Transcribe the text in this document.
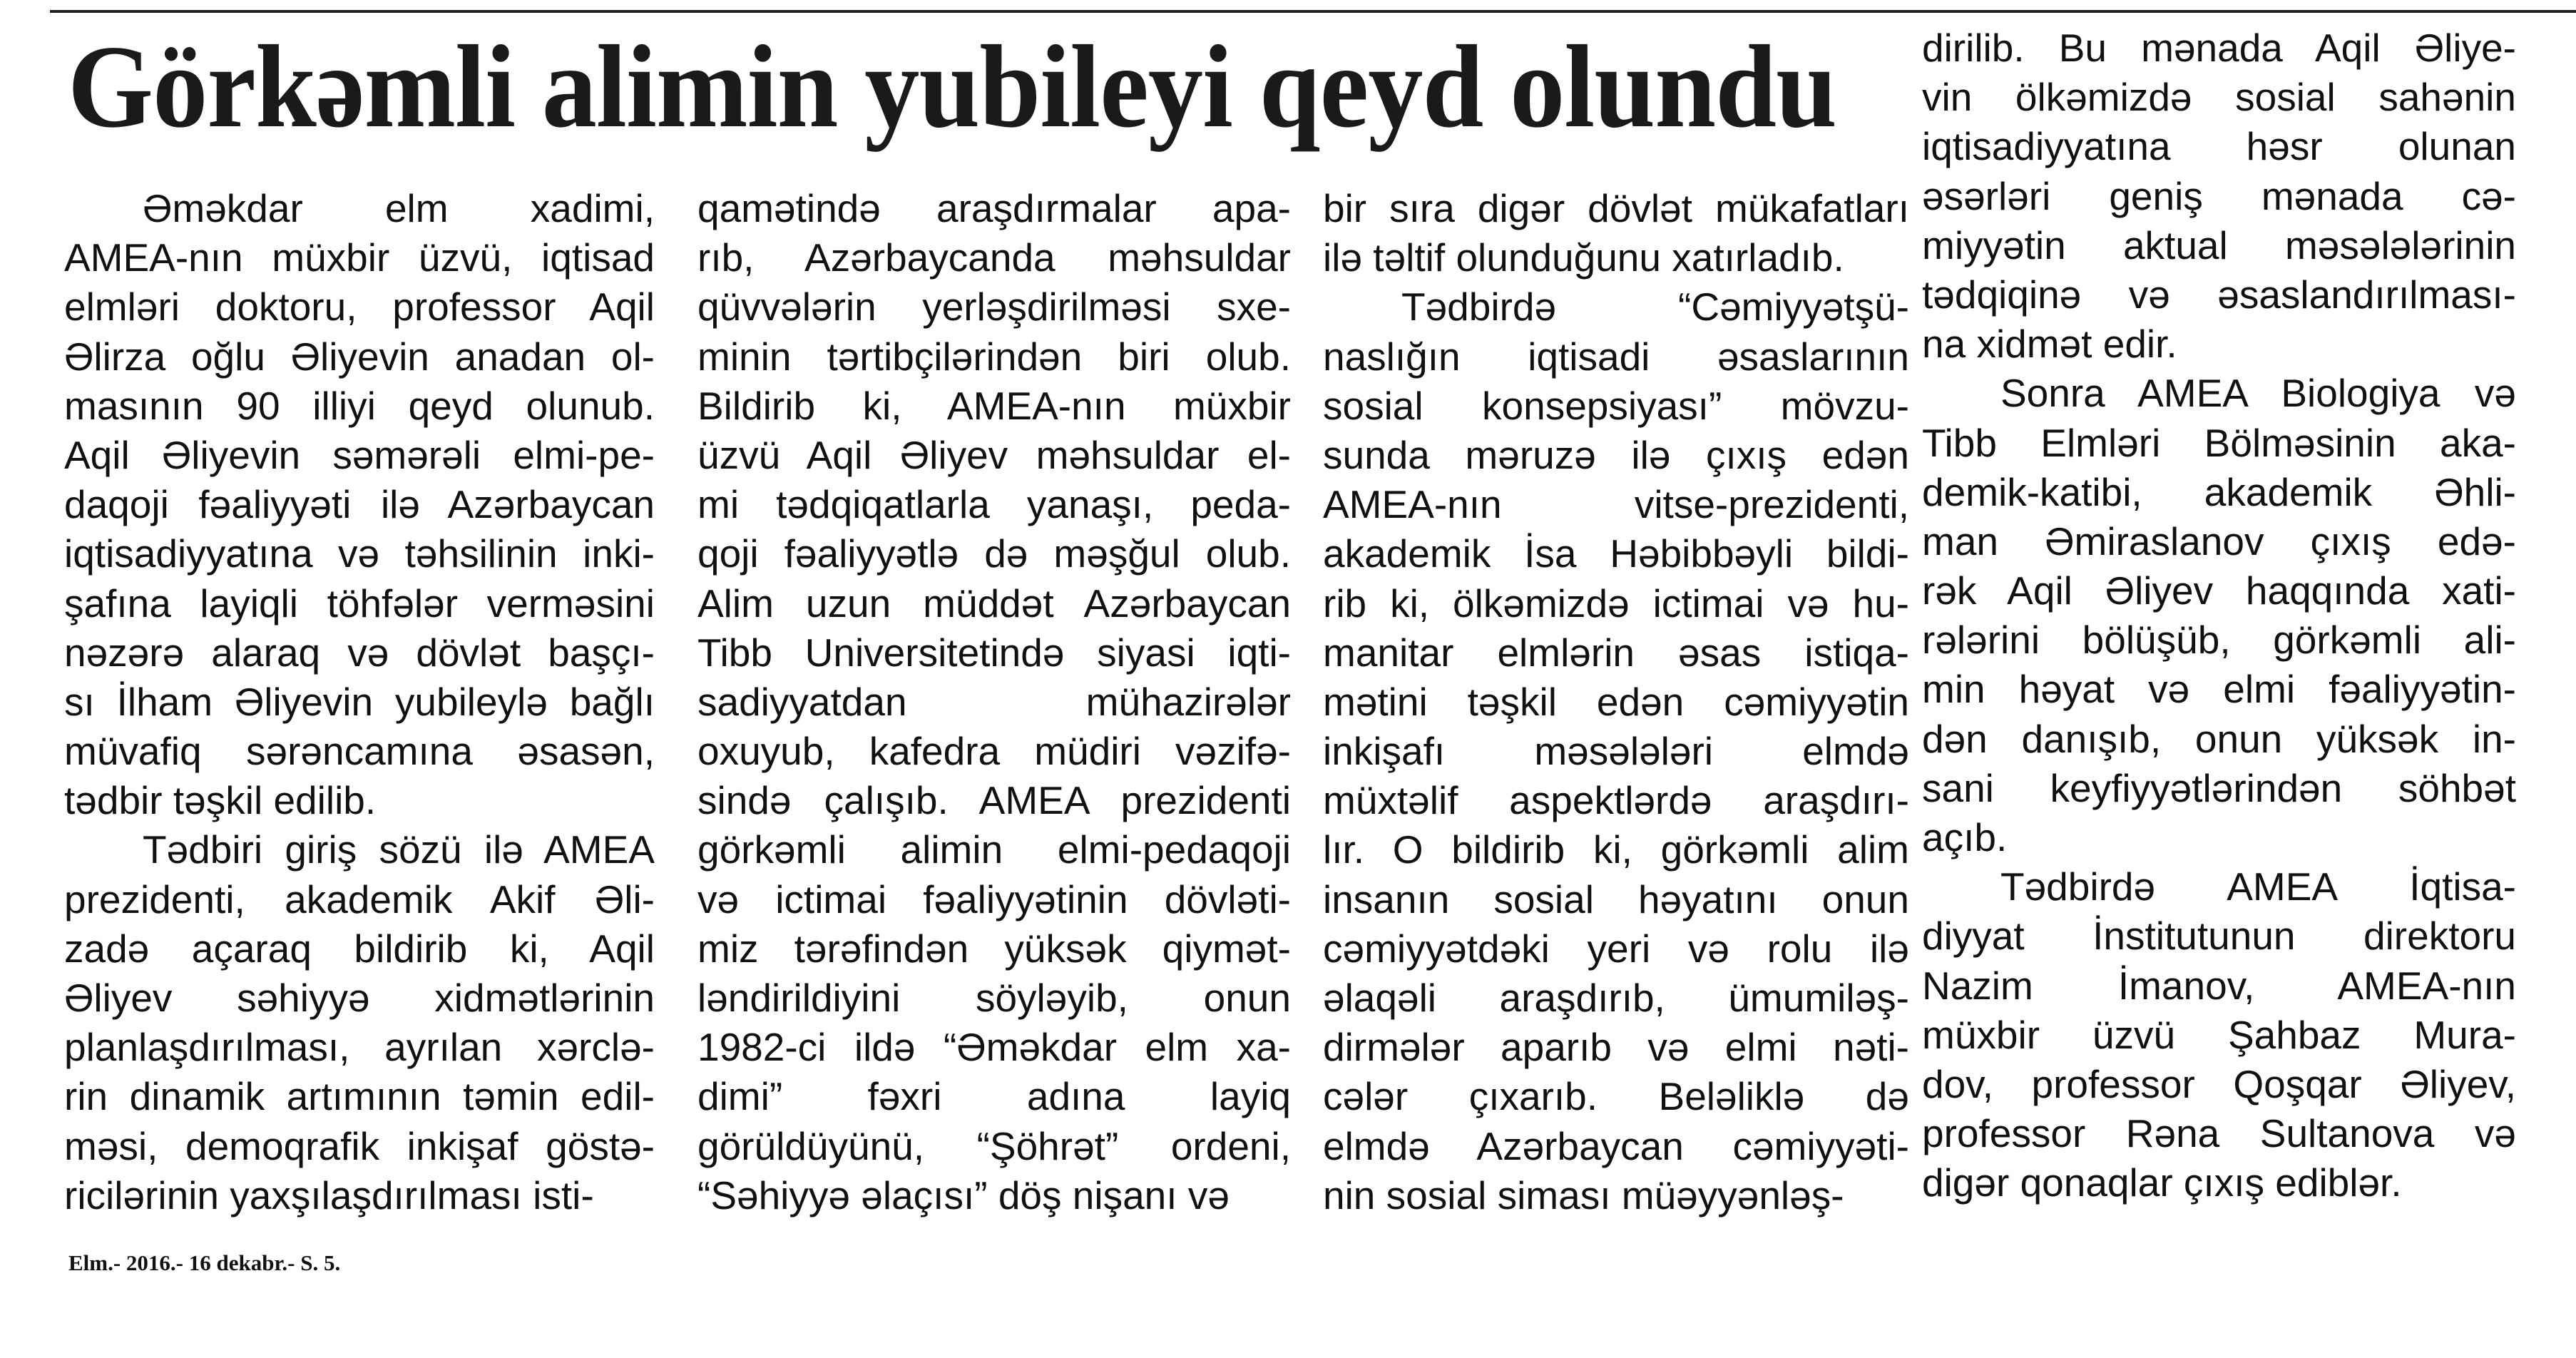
Görkəmli alimin yubileyi qeyd olundu
Əməkdar elm xadimi,
AMEA-nın müxbir üzvü, iqtisad
elmləri doktoru, professor Aqil
Əlirza oğlu Əliyevin anadan ol-
masının 90 illiyi qeyd olunub.
Aqil Əliyevin səmərəli elmi-pe-
daqoji fəaliyyəti ilə Azərbaycan
iqtisadiyyatına və təhsilinin inki-
şafına layiqli töhfələr vermәsini
nəzərə alaraq və dövlət başçı-
sı İlham Əliyevin yubileylə bağlı
müvafiq sərəncamına əsasən,
tədbir təşkil edilib.
Tədbiri giriş sözü ilə AMEA
prezidenti, akademik Akif Əli-
zadə açaraq bildirib ki, Aqil
Əliyev səhiyyə xidmətlərinin
planlaşdırılması, ayrılan xərclə-
rin dinamik artımının təmin edil-
məsi, demoqrafik inkişaf göstə-
ricilərinin yaxşılaşdırılması isti-
qamətində araşdırmalar apa-
rıb, Azərbaycanda məhsuldar
qüvvələrin yerləşdirilməsi sxe-
minin tərtibçilərindən biri olub.
Bildirib ki, AMEA-nın müxbir
üzvü Aqil Əliyev məhsuldar el-
mi tədqiqatlarla yanaşı, peda-
qoji fəaliyyətlə də məşğul olub.
Alim uzun müddət Azərbaycan
Tibb Universitetində siyasi iqti-
sadiyyatdan mühazirələr
oxuyub, kafedra müdiri vəzifə-
sində çalışıb. AMEA prezidenti
görkəmli alimin elmi-pedaqoji
və ictimai fəaliyyətinin dövləti-
miz tərəfindən yüksək qiymət-
ləndirildiyini söyləyib, onun
1982-ci ildə “Əməkdar elm xa-
dimi” fəxri adına layiq
görüldüyünü, “Şöhrət” ordeni,
“Səhiyyə əlaçısı” döş nişanı və
bir sıra digər dövlət mükafatları
ilə təltif olunduğunu xatırladıb.
Tədbirdə “Cəmiyyətşü-
naslığın iqtisadi əsaslarının
sosial konsepsiyası” mövzu-
sunda məruzə ilə çıxış edən
AMEA-nın vitse-prezidenti,
akademik İsa Həbibbəyli bildi-
rib ki, ölkəmizdə ictimai və hu-
manitar elmlərin əsas istiqa-
mətini təşkil edən cəmiyyətin
inkişafı məsələləri elmdə
müxtəlif aspektlərdə araşdırı-
lır. O bildirib ki, görkəmli alim
insanın sosial həyatını onun
cəmiyyətdəki yeri və rolu ilə
əlaqəli araşdırıb, ümumiləş-
dirmələr aparıb və elmi nəti-
cələr çıxarıb. Beləliklə də
elmdə Azərbaycan cəmiyyəti-
nin sosial siması müəyyənləş-
dirilib. Bu mənada Aqil Əliye-
vin ölkəmizdə sosial sahənin
iqtisadiyyatına həsr olunan
əsərləri geniş mənada cə-
miyyətin aktual məsələlərinin
tədqiqinə və əsaslandırılması-
na xidmət edir.
Sonra AMEA Biologiya və
Tibb Elmləri Bölməsinin aka-
demik-katibi, akademik Əhli-
man Əmiraslanov çıxış edə-
rək Aqil Əliyev haqqında xati-
rələrini bölüşüb, görkəmli ali-
min həyat və elmi fəaliyyətin-
dən danışıb, onun yüksək in-
sani keyfiyyətlərindən söhbət
açıb.
Tədbirdə AMEA İqtisa-
diyyat İnstitutunun direktoru
Nazim İmanov, AMEA-nın
müxbir üzvü Şahbaz Mura-
dov, professor Qoşqar Əliyev,
professor Rəna Sultanova və
digər qonaqlar çıxış ediblər.
Elm.- 2016.- 16 dekabr.- S. 5.
